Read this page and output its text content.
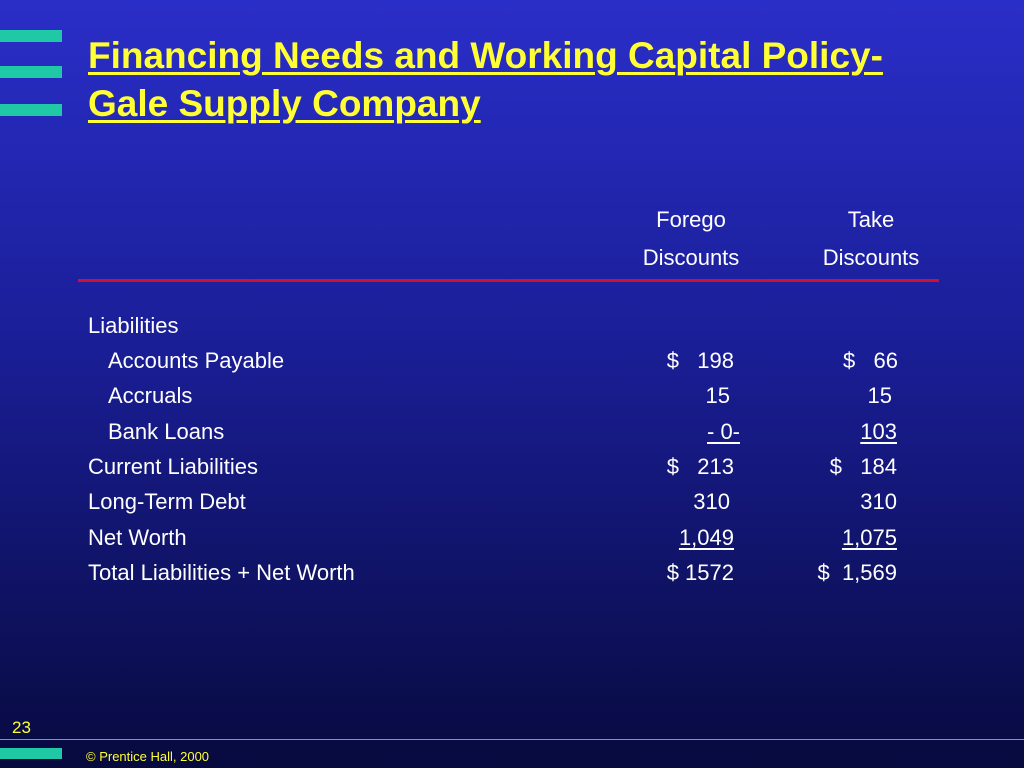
Financing Needs and Working Capital Policy-
Gale Supply Company
Forego
Discounts
Take
Discounts
Liabilities
Accounts Payable	$   198	$   66
Accruals	15	15
Bank Loans	- 0-	103
Current Liabilities	$   213	$   184
Long-Term Debt	310	310
Net Worth	1,049	1,075
Total Liabilities + Net Worth	$ 1572	$  1,569
23
© Prentice Hall, 2000
